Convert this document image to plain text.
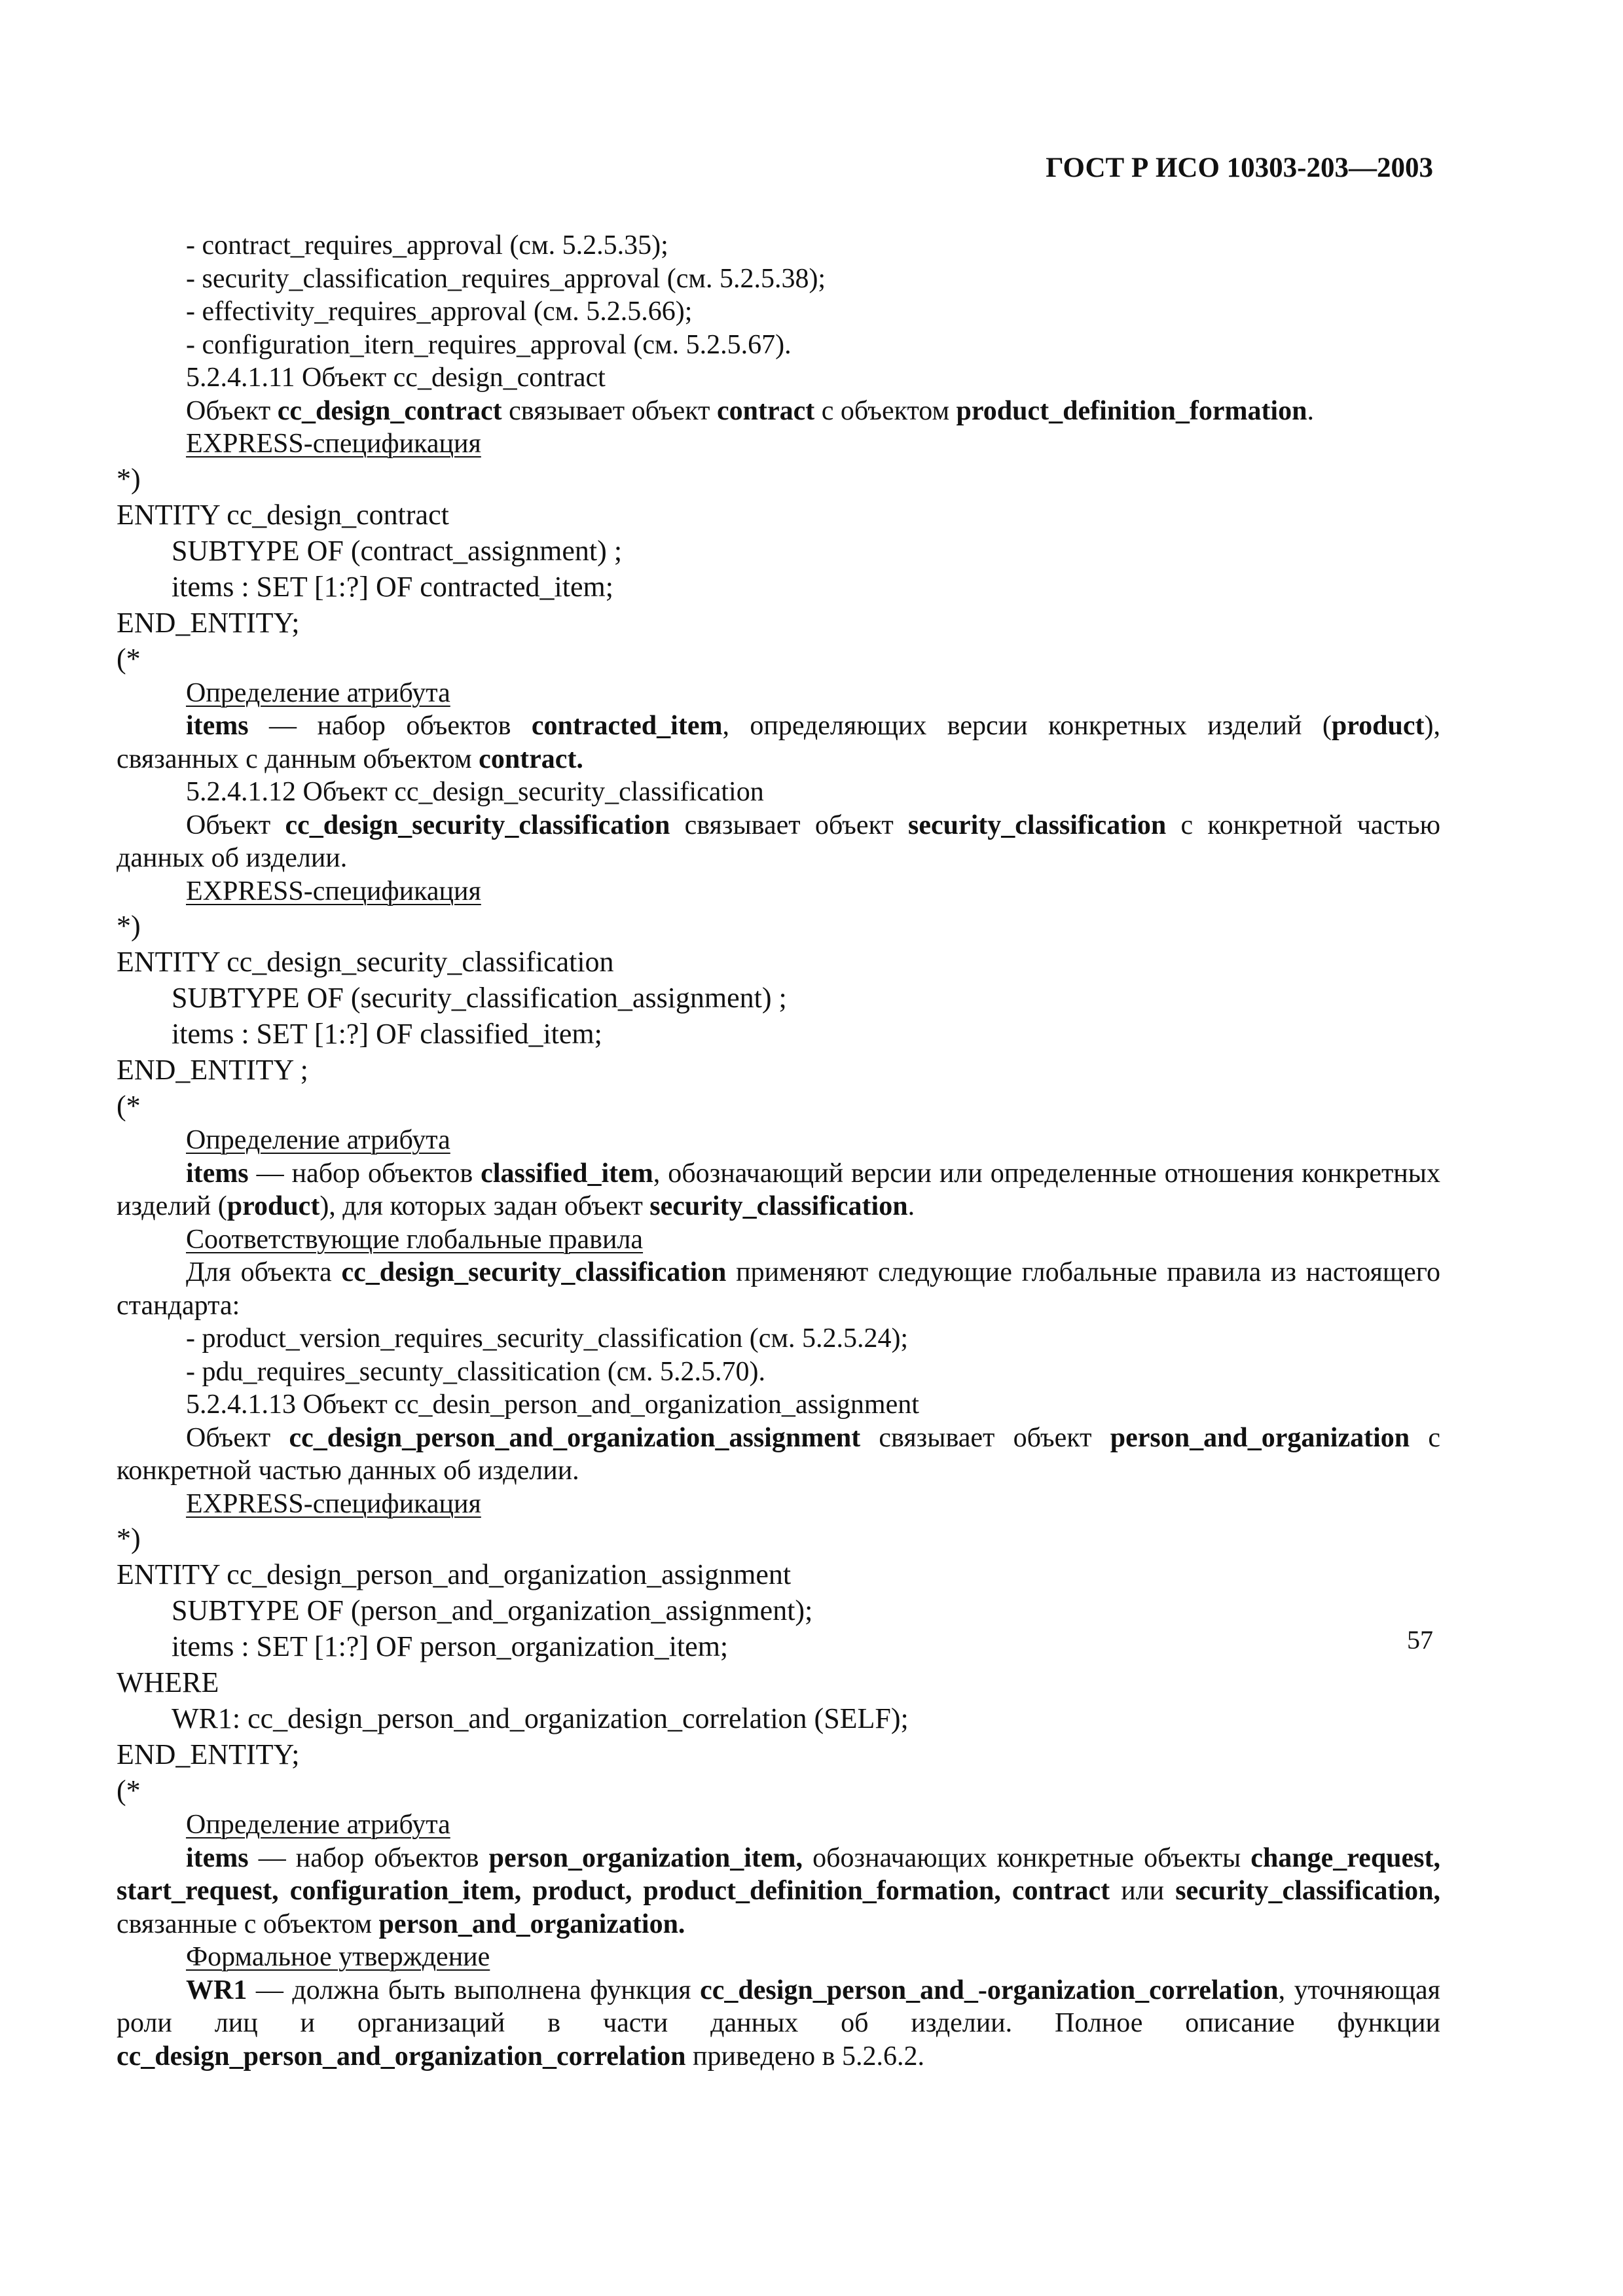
ГОСТ Р ИСО 10303-203—2003
- contract_requires_approval (см. 5.2.5.35);
- security_classification_requires_approval (см. 5.2.5.38);
- effectivity_requires_approval (см. 5.2.5.66);
- configuration_itern_requires_approval (см. 5.2.5.67).
5.2.4.1.11 Объект cc_design_contract
Объект cc_design_contract связывает объект contract с объектом product_definition_formation.
EXPRESS-спецификация
*)
ENTITY cc_design_contract
SUBTYPE OF (contract_assignment) ;
items : SET [1:?] OF contracted_item;
END_ENTITY;
(*
Определение атрибута
items — набор объектов contracted_item, определяющих версии конкретных изделий (product), связанных с данным объектом contract.
5.2.4.1.12 Объект cc_design_security_classification
Объект cc_design_security_classification связывает объект security_classification с конкретной частью данных об изделии.
EXPRESS-спецификация
*)
ENTITY cc_design_security_classification
SUBTYPE OF (security_classification_assignment) ;
items : SET [1:?] OF classified_item;
END_ENTITY ;
(*
Определение атрибута
items — набор объектов classified_item, обозначающий версии или определенные отношения конкретных изделий (product), для которых задан объект security_classification.
Соответствующие глобальные правила
Для объекта cc_design_security_classification применяют следующие глобальные правила из настоящего стандарта:
- product_version_requires_security_classification (см. 5.2.5.24);
- pdu_requires_secunty_classitication (см. 5.2.5.70).
5.2.4.1.13 Объект cc_desin_person_and_organization_assignment
Объект cc_design_person_and_organization_assignment связывает объект person_and_organization с конкретной частью данных об изделии.
EXPRESS-спецификация
*)
ENTITY cc_design_person_and_organization_assignment
SUBTYPE OF (person_and_organization_assignment);
items : SET [1:?] OF person_organization_item;
WHERE
WR1: cc_design_person_and_organization_correlation (SELF);
END_ENTITY;
(*
Определение атрибута
items — набор объектов person_organization_item, обозначающих конкретные объекты change_request, start_request, configuration_item, product, product_definition_formation, contract или security_classification, связанные с объектом person_and_organization.
Формальное утверждение
WR1 — должна быть выполнена функция cc_design_person_and_-organization_correlation, уточняющая роли лиц и организаций в части данных об изделии. Полное описание функции cc_design_person_and_organization_correlation приведено в 5.2.6.2.
57
